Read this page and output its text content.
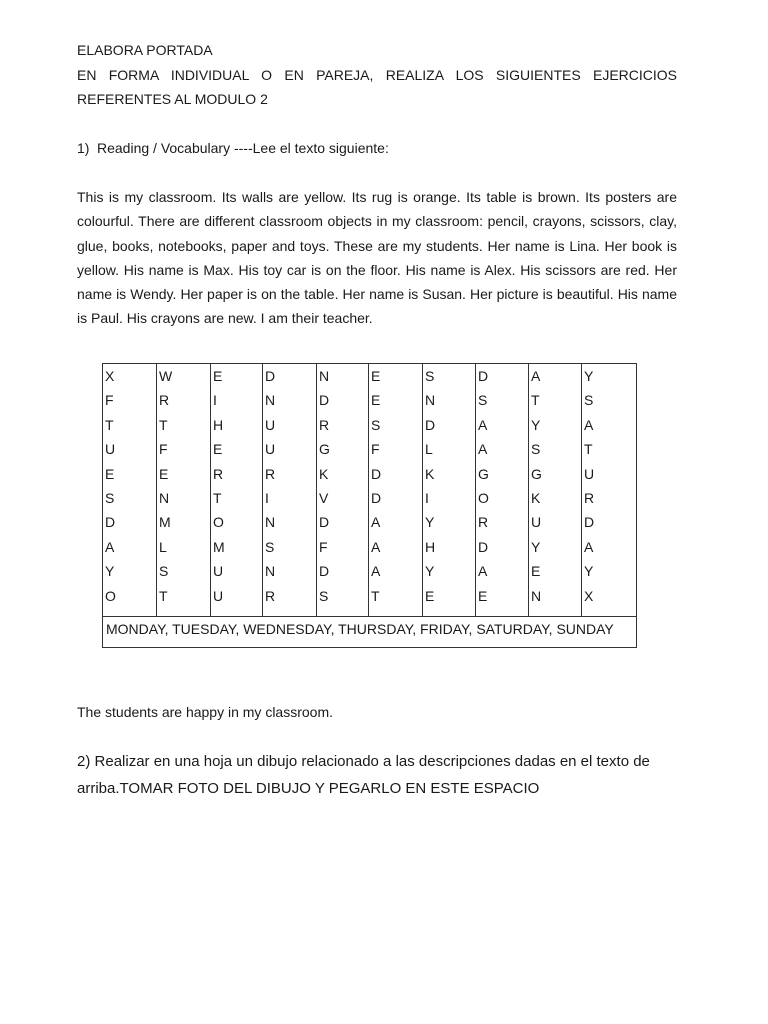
ELABORA PORTADA
EN FORMA INDIVIDUAL O EN PAREJA, REALIZA LOS SIGUIENTES EJERCICIOS
REFERENTES AL MODULO 2
1) Reading / Vocabulary ----Lee el texto siguiente:
This is my classroom. Its walls are yellow. Its rug is orange. Its table is brown. Its posters are
colourful. There are different classroom objects in my classroom: pencil, crayons, scissors, clay,
glue, books, notebooks, paper and toys. These are my students. Her name is Lina. Her book is
yellow. His name is Max. His toy car is on the floor. His name is Alex. His scissors are red. Her
name is Wendy. Her paper is on the table. Her name is Susan. Her picture is beautiful. His name
is Paul. His crayons are new. I am their teacher.
X
F
T
U
E
S
D
A
Y
O
W
R
T
F
E
N
M
L
S
T
E
I
H
E
R
T
O
M
U
U
D
N
U
U
R
I
N
S
N
R
N
D
R
G
K
V
D
F
D
S
E
E
S
F
D
D
A
A
A
T
S
N
D
L
K
I
Y
H
Y
E
D
S
A
A
G
O
R
D
A
E
A
T
Y
S
G
K
U
Y
E
N
Y
S
A
T
U
R
D
A
Y
X
MONDAY, TUESDAY, WEDNESDAY, THURSDAY, FRIDAY, SATURDAY, SUNDAY
The students are happy in my classroom.
2) Realizar en una hoja un dibujo relacionado a las descripciones dadas en el texto de
arriba.TOMAR FOTO DEL DIBUJO Y PEGARLO EN ESTE ESPACIO
